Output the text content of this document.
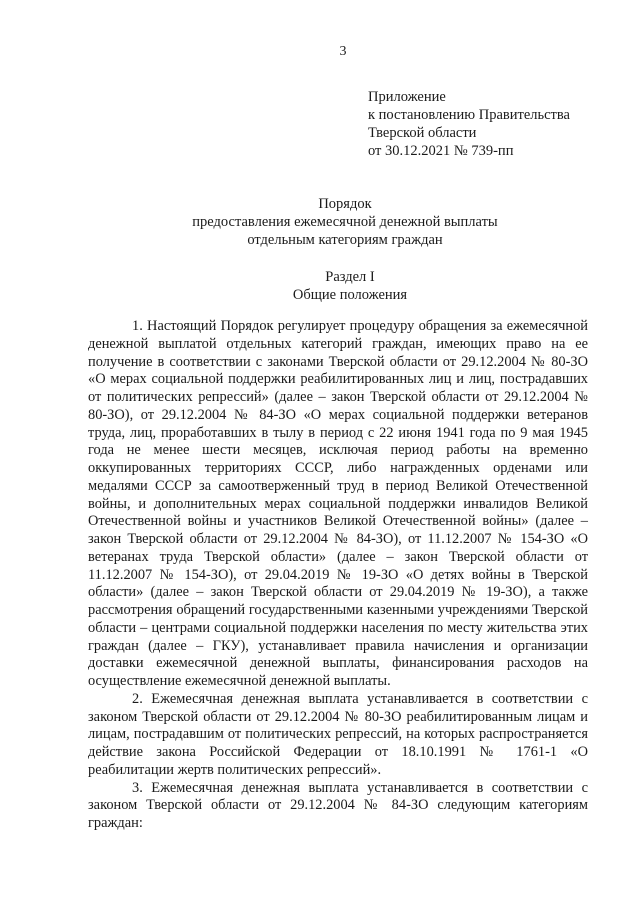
3
Приложение
к постановлению Правительства
Тверской области
от 30.12.2021 № 739-пп
Порядок
предоставления ежемесячной денежной выплаты
отдельным категориям граждан
Раздел I
Общие положения

1. Настоящий Порядок регулирует процедуру обращения за ежемесячной денежной выплатой отдельных категорий граждан, имеющих право на ее получение в соответствии с законами Тверской области от 29.12.2004 № 80-ЗО «О мерах социальной поддержки реабилитированных лиц и лиц, пострадавших от политических репрессий» (далее – закон Тверской области от 29.12.2004 № 80-ЗО), от 29.12.2004 № 84-ЗО «О мерах социальной поддержки ветеранов труда, лиц, проработавших в тылу в период с 22 июня 1941 года по 9 мая 1945 года не менее шести месяцев, исключая период работы на временно оккупированных территориях СССР, либо награжденных орденами или медалями СССР за самоотверженный труд в период Великой Отечественной войны, и дополнительных мерах социальной поддержки инвалидов Великой Отечественной войны и участников Великой Отечественной войны» (далее – закон Тверской области от 29.12.2004 № 84-ЗО), от 11.12.2007 № 154-ЗО «О ветеранах труда Тверской области» (далее – закон Тверской области от 11.12.2007 № 154-ЗО), от 29.04.2019 № 19-ЗО «О детях войны в Тверской области» (далее – закон Тверской области от 29.04.2019 № 19-ЗО), а также рассмотрения обращений государственными казенными учреждениями Тверской области – центрами социальной поддержки населения по месту жительства этих граждан (далее – ГКУ), устанавливает правила начисления и организации доставки ежемесячной денежной выплаты, финансирования расходов на осуществление ежемесячной денежной выплаты.

2. Ежемесячная денежная выплата устанавливается в соответствии с законом Тверской области от 29.12.2004 № 80-ЗО реабилитированным лицам и лицам, пострадавшим от политических репрессий, на которых распространяется действие закона Российской Федерации от 18.10.1991 № 1761-1 «О реабилитации жертв политических репрессий».

3. Ежемесячная денежная выплата устанавливается в соответствии с законом Тверской области от 29.12.2004 № 84-ЗО следующим категориям граждан:
